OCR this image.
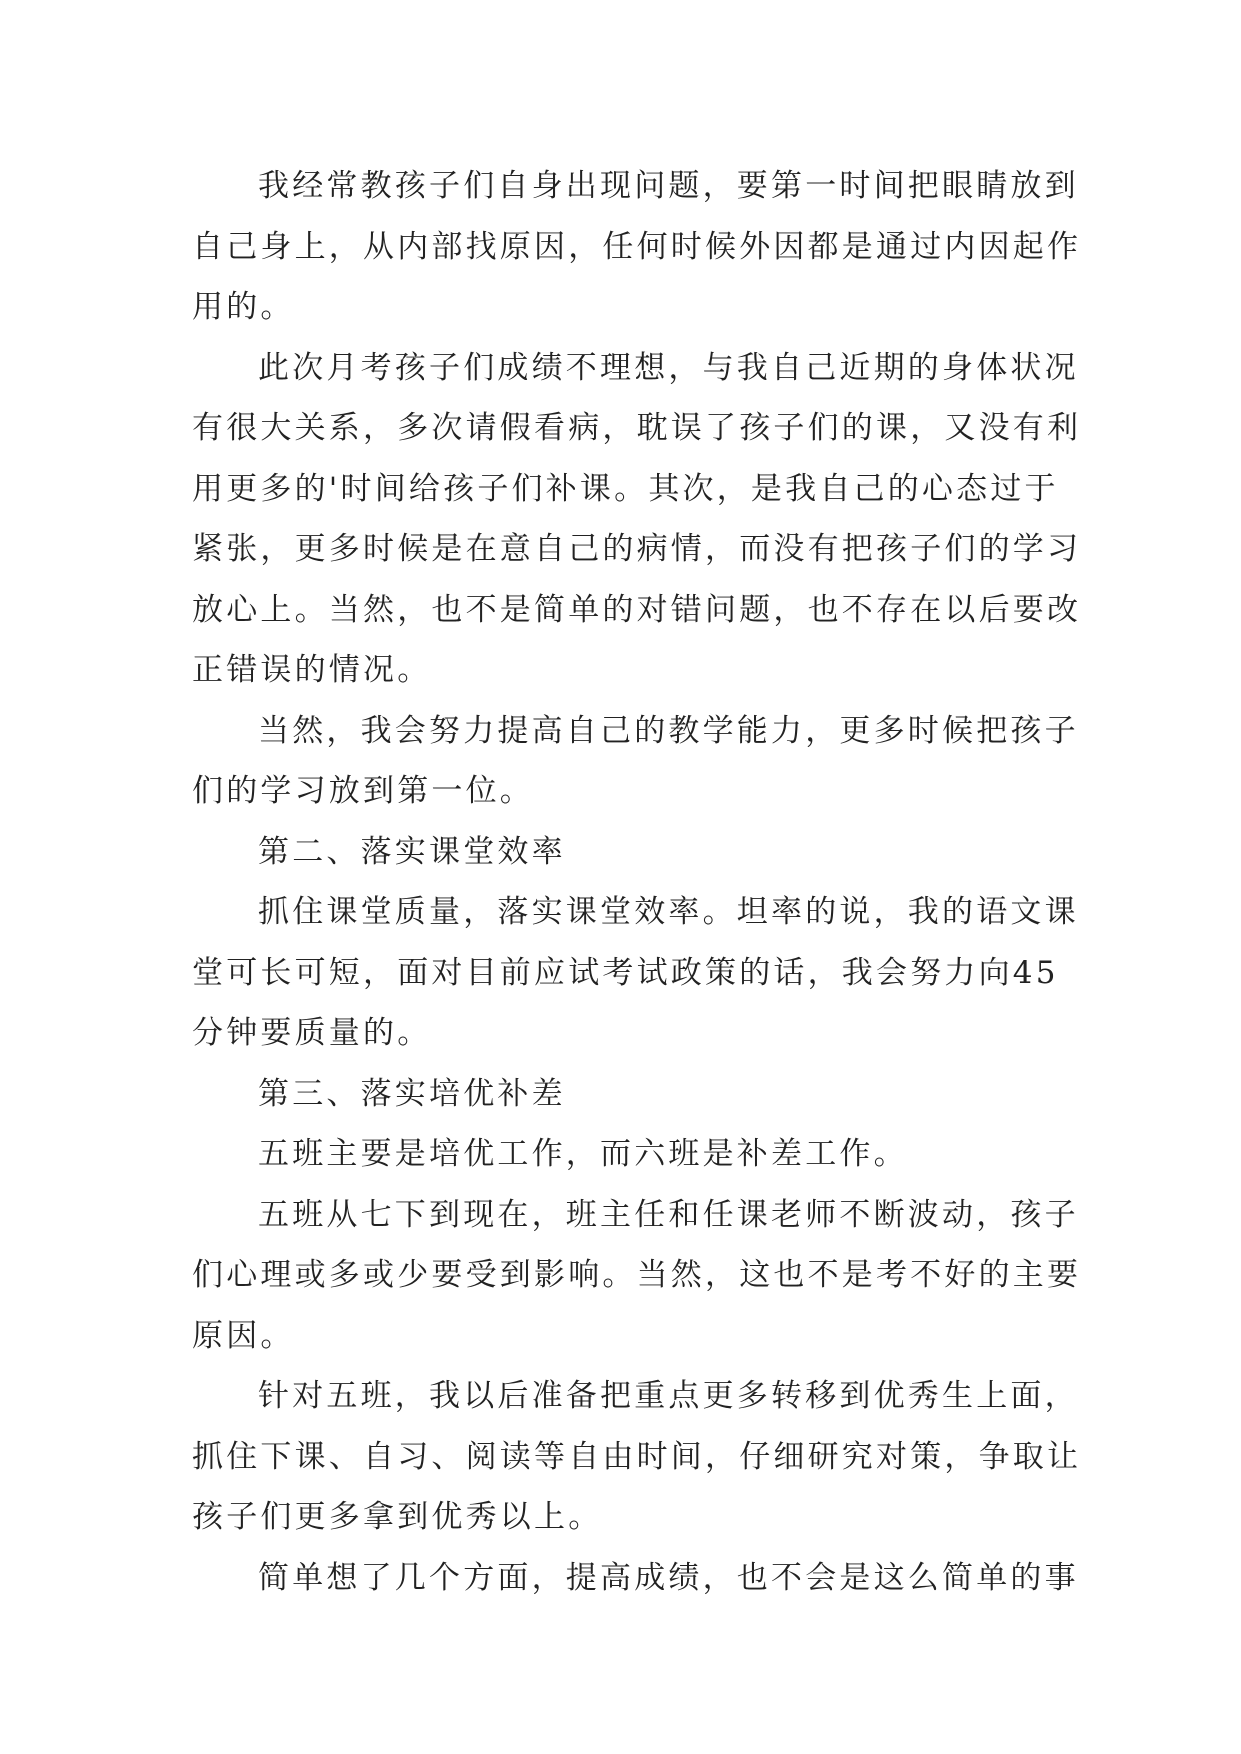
我经常教孩子们自身出现问题，要第一时间把眼睛放到
自己身上，从内部找原因，任何时候外因都是通过内因起作
用的。
此次月考孩子们成绩不理想，与我自己近期的身体状况
有很大关系，多次请假看病，耽误了孩子们的课，又没有利
用更多的'时间给孩子们补课。其次，是我自己的心态过于
紧张，更多时候是在意自己的病情，而没有把孩子们的学习
放心上。当然，也不是简单的对错问题，也不存在以后要改
正错误的情况。
当然，我会努力提高自己的教学能力，更多时候把孩子
们的学习放到第一位。
第二、落实课堂效率
抓住课堂质量，落实课堂效率。坦率的说，我的语文课
堂可长可短，面对目前应试考试政策的话，我会努力向45
分钟要质量的。
第三、落实培优补差
五班主要是培优工作，而六班是补差工作。
五班从七下到现在，班主任和任课老师不断波动，孩子
们心理或多或少要受到影响。当然，这也不是考不好的主要
原因。
针对五班，我以后准备把重点更多转移到优秀生上面，
抓住下课、自习、阅读等自由时间，仔细研究对策，争取让
孩子们更多拿到优秀以上。
简单想了几个方面，提高成绩，也不会是这么简单的事
